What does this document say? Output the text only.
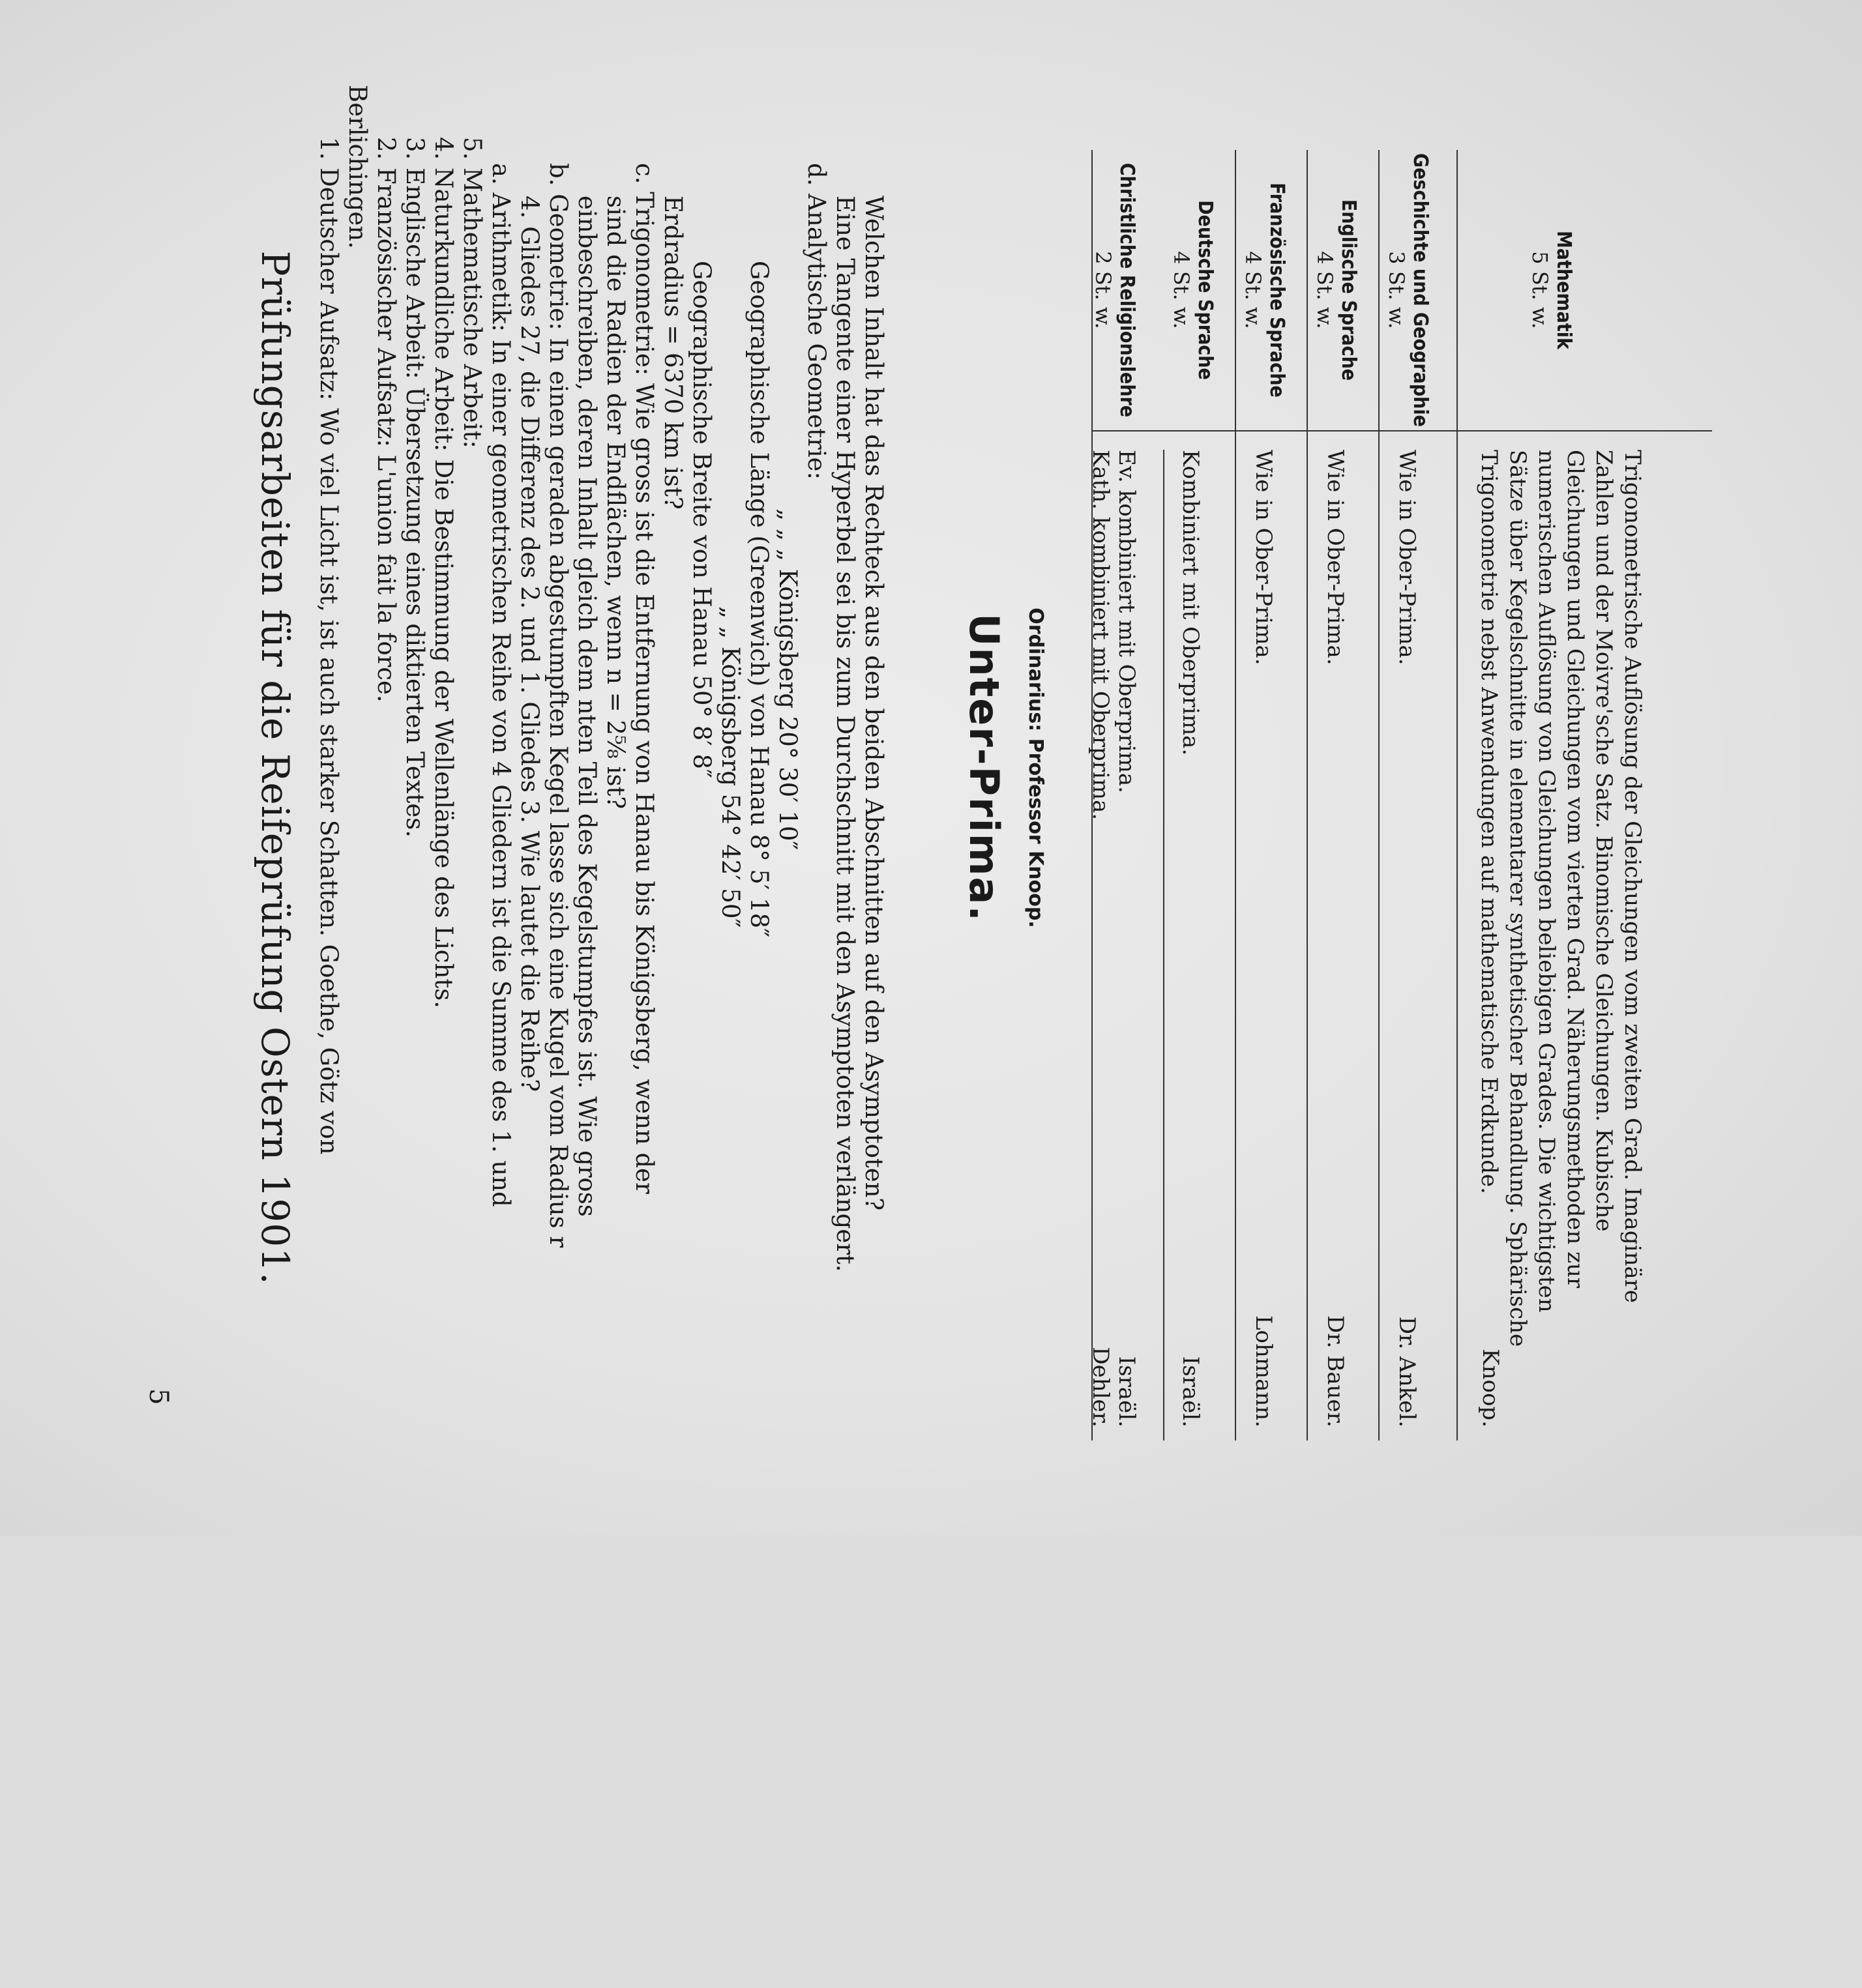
5
Prüfungsarbeiten für die Reifeprüfung Ostern 1901. 1. Deutscher Aufsatz: Wo viel Licht ist, ist auch starker Schatten. Goethe, Götz von Berlichingen. 2. Französischer Aufsatz: L'union fait la force. 3. Englische Arbeit: Übersetzung eines diktierten Textes. 4. Naturkundliche Arbeit: Die Bestimmung der Wellenlänge des Lichts. 5. Mathematische Arbeit: a. Arithmetik: In einer geometrischen Reihe von 4 Gliedern ist die Summe des 1. und 4. Gliedes 27, die Differenz des 2. und 1. Gliedes 3. Wie lautet die Reihe? b. Geometrie: In einen geraden abgestumpften Kegel lasse sich eine Kugel vom Radius r einbeschreiben, deren Inhalt gleich dem nten Teil des Kegelstumpfes ist. Wie gross sind die Radien der Endflächen, wenn n = 2⅝ ist? c. Trigonometrie: Wie gross ist die Entfernung von Hanau bis Königsberg, wenn der Erdradius = 6370 km ist? Geographische Breite von Hanau 50° 8′ 8″ „ „ Königsberg 54° 42′ 50″ Geographische Länge (Greenwich) von Hanau 8° 5′ 18″ „ „ „ Königsberg 20° 30′ 10″
d. Analytische Geometrie: Eine Tangente einer Hyperbel sei bis zum Durchschnitt mit den Asymptoten verlängert. Welchen Inhalt hat das Rechteck aus den beiden Abschnitten auf den Asymptoten? Unter-Prima. Ordinarius: Professor Knoop.
Christliche Religionslehre
2 St. w.
Ev. kombiniert mit Oberprima.
Kath. kombiniert mit Oberprima.
Israël.
Dehler.
Deutsche Sprache
4 St. w.
Kombiniert mit Oberprima.
Israël.
Französische Sprache
4 St. w.
Wie in Ober-Prima.
Lohmann.
Englische Sprache
4 St. w.
Wie in Ober-Prima.
Dr. Bauer.
Geschichte und Geographie
3 St. w.
Wie in Ober-Prima.
Dr. Ankel.
Mathematik
5 St. w.
Trigonometrische Auflösung der Gleichungen vom zweiten Grad. Imaginäre
Zahlen und der Moivre'sche Satz. Binomische Gleichungen. Kubische
Gleichungen und Gleichungen vom vierten Grad. Näherungsmethoden zur
numerischen Auflösung von Gleichungen beliebigen Grades. Die wichtigsten
Sätze über Kegelschnitte in elementarer synthetischer Behandlung. Sphärische
Trigonometrie nebst Anwendungen auf mathematische Erdkunde.
Knoop.
